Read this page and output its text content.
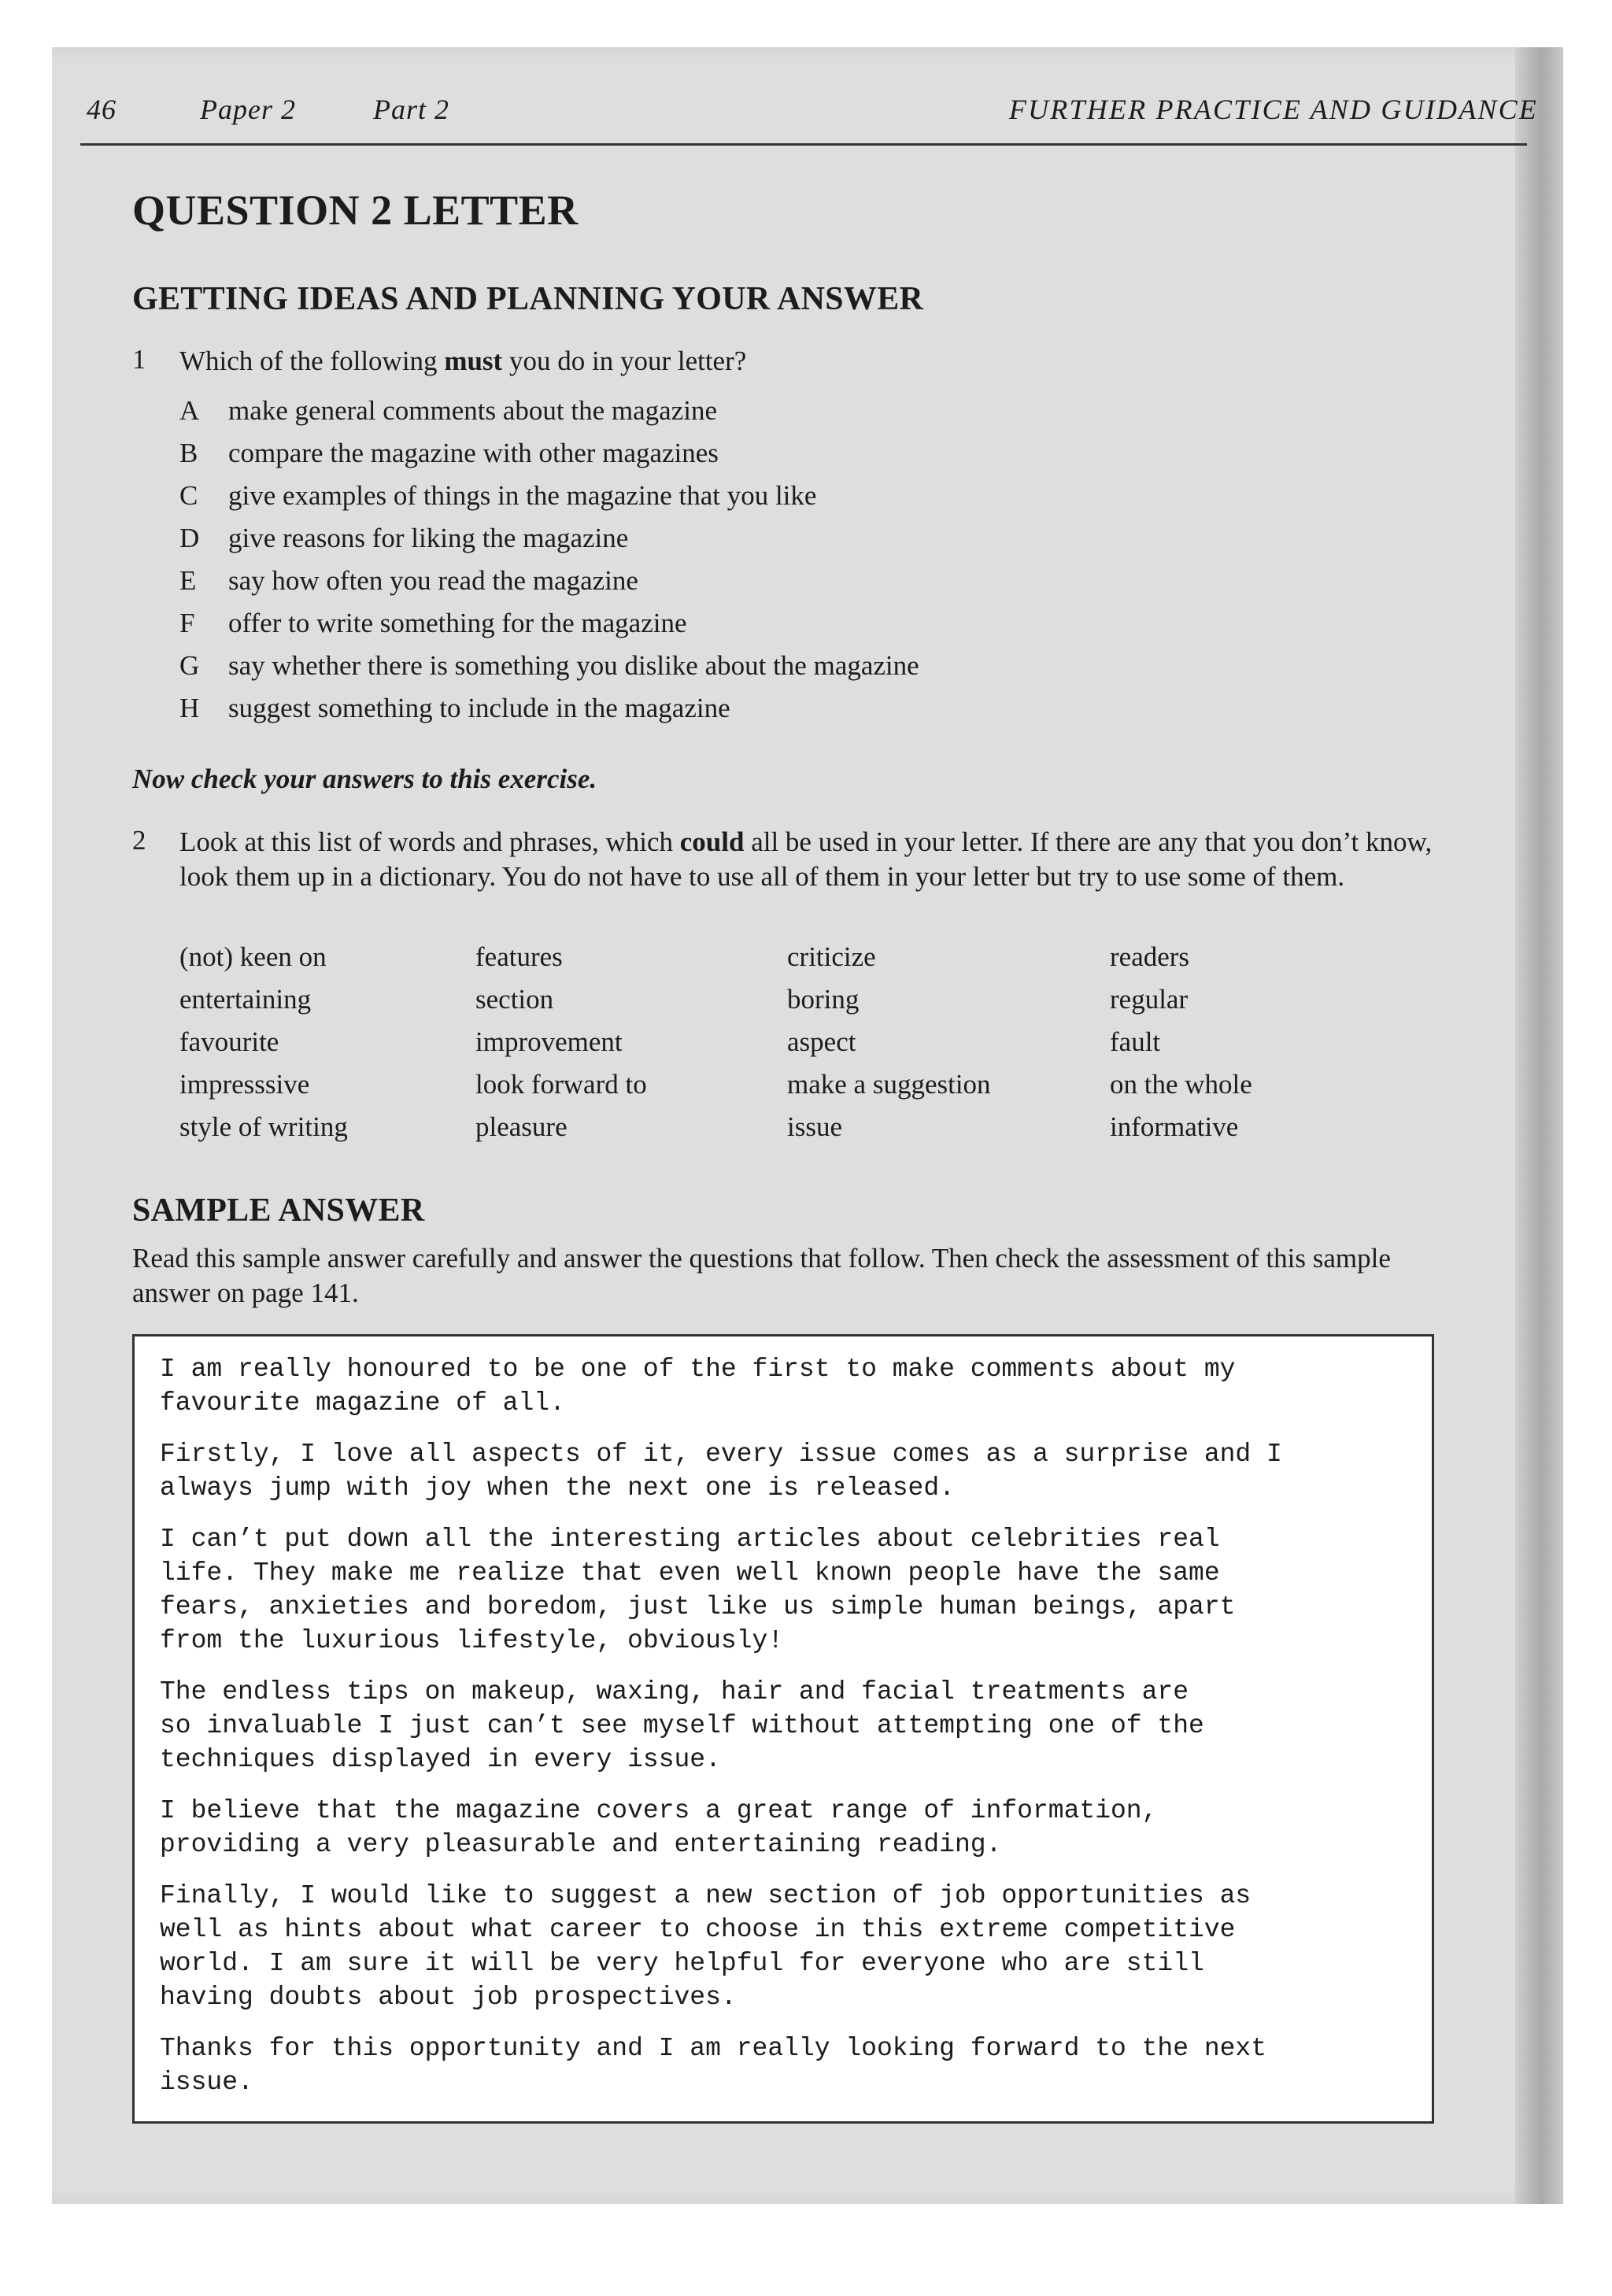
46	Paper 2	Part 2	FURTHER PRACTICE AND GUIDANCE
QUESTION 2 LETTER
GETTING IDEAS AND PLANNING YOUR ANSWER
1 Which of the following must you do in your letter?
A make general comments about the magazine
B compare the magazine with other magazines
C give examples of things in the magazine that you like
D give reasons for liking the magazine
E say how often you read the magazine
F offer to write something for the magazine
G say whether there is something you dislike about the magazine
H suggest something to include in the magazine
Now check your answers to this exercise.
2 Look at this list of words and phrases, which could all be used in your letter. If there are any that you don’t know, look them up in a dictionary. You do not have to use all of them in your letter but try to use some of them.
(not) keen on	features	criticize	readers
entertaining	section	boring	regular
favourite	improvement	aspect	fault
impresssive	look forward to	make a suggestion	on the whole
style of writing	pleasure	issue	informative
SAMPLE ANSWER
Read this sample answer carefully and answer the questions that follow. Then check the assessment of this sample answer on page 141.
I am really honoured to be one of the first to make comments about my
favourite magazine of all.
Firstly, I love all aspects of it, every issue comes as a surprise and I
always jump with joy when the next one is released.
I can’t put down all the interesting articles about celebrities real
life. They make me realize that even well known people have the same
fears, anxieties and boredom, just like us simple human beings, apart
from the luxurious lifestyle, obviously!
The endless tips on makeup, waxing, hair and facial treatments are
so invaluable I just can’t see myself without attempting one of the
techniques displayed in every issue.
I believe that the magazine covers a great range of information,
providing a very pleasurable and entertaining reading.
Finally, I would like to suggest a new section of job opportunities as
well as hints about what career to choose in this extreme competitive
world. I am sure it will be very helpful for everyone who are still
having doubts about job prospectives.
Thanks for this opportunity and I am really looking forward to the next
issue.
